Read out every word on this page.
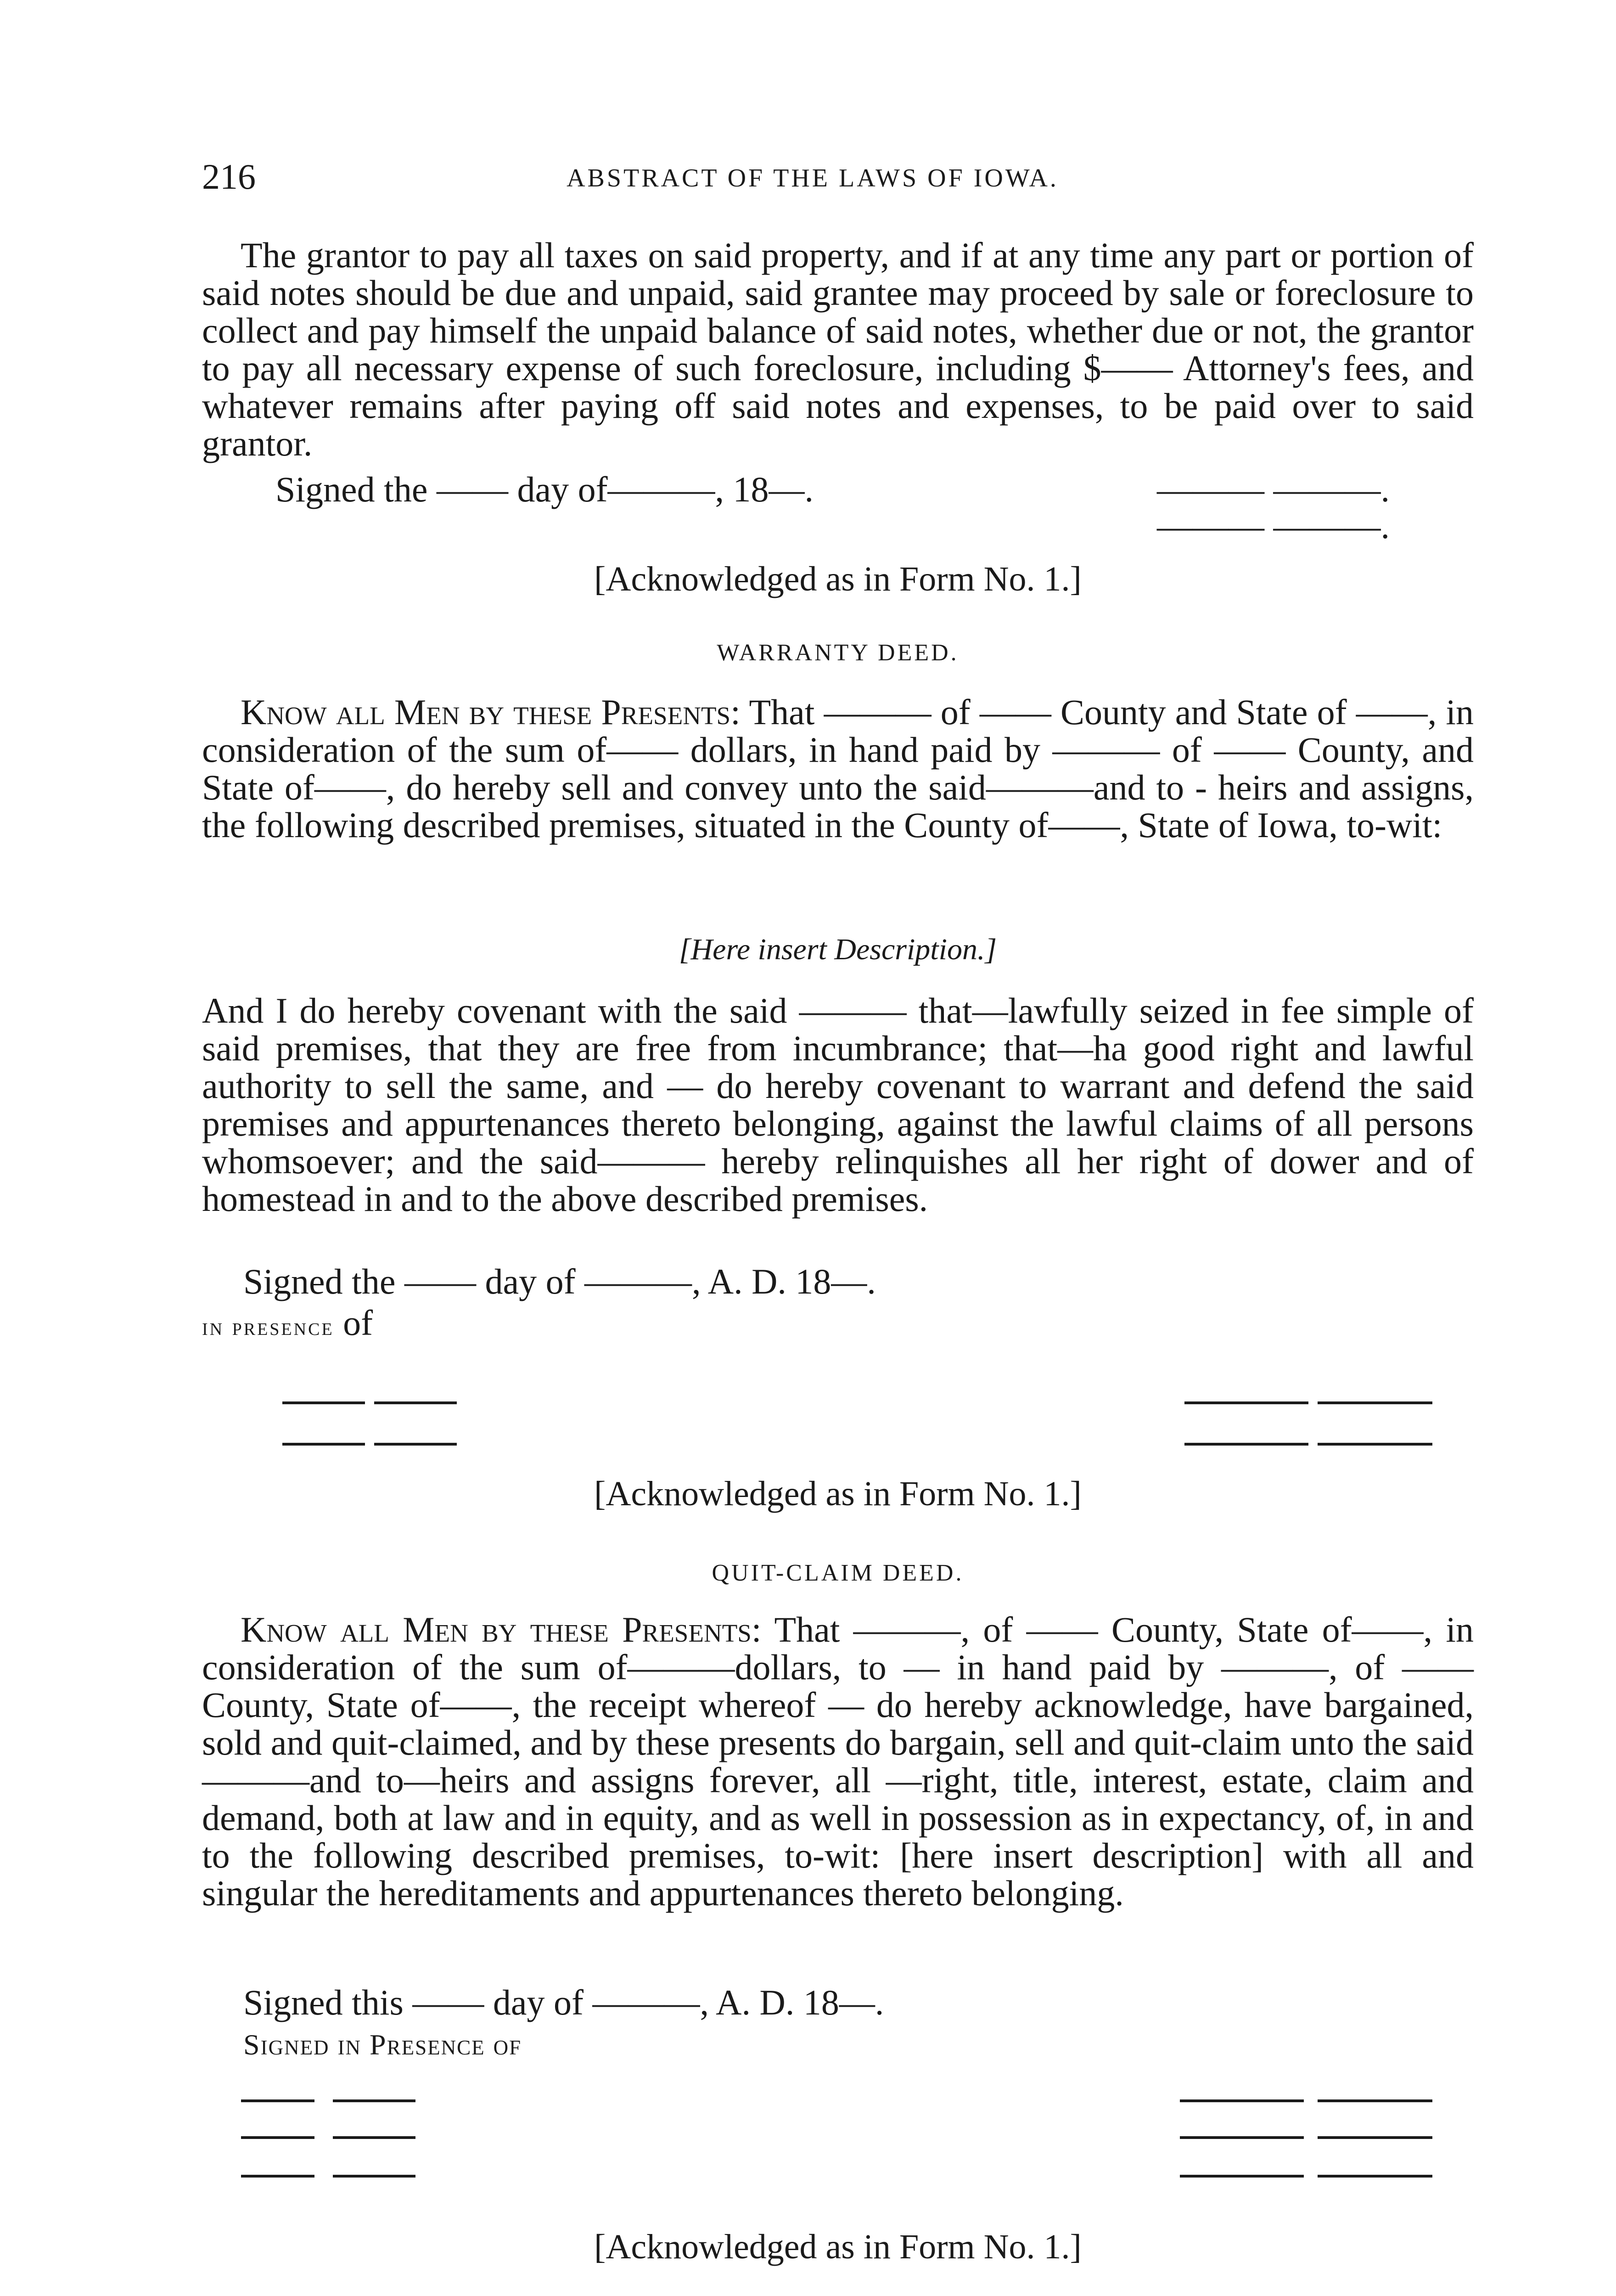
216	ABSTRACT OF THE LAWS OF IOWA.

The grantor to pay all taxes on said property, and if at any time any part or portion of said notes should be due and unpaid, said grantee may proceed by sale or foreclosure to collect and pay himself the unpaid balance of said notes, whether due or not, the grantor to pay all necessary expense of such foreclosure, including $—— Attorney's fees, and whatever remains after paying off said notes and expenses, to be paid over to said grantor.

Signed the —— day of———, 18—.	——— ———.
——— ———.
[Acknowledged as in Form No. 1.]
WARRANTY DEED.

Know all Men by these Presents: That ——— of —— County and State of ——, in consideration of the sum of—— dollars, in hand paid by ——— of —— County, and State of——, do hereby sell and convey unto the said———and to - heirs and assigns, the following described premises, situated in the County of——, State of Iowa, to-wit:

[Here insert Description.]

And I do hereby covenant with the said ——— that—lawfully seized in fee simple of said premises, that they are free from incumbrance; that—ha good right and lawful authority to sell the same, and — do hereby covenant to warrant and defend the said premises and appurtenances thereto belonging, against the lawful claims of all persons whomsoever; and the said——— hereby relinquishes all her right of dower and of homestead in and to the above described premises.

Signed the —— day of ———, A. D. 18—.
in presence of
[Acknowledged as in Form No. 1.]
QUIT-CLAIM DEED.

Know all Men by these Presents: That ———, of —— County, State of——, in consideration of the sum of———dollars, to — in hand paid by ———, of —— County, State of——, the receipt whereof — do hereby acknowledge, have bargained, sold and quit-claimed, and by these presents do bargain, sell and quit-claim unto the said———and to—heirs and assigns forever, all —right, title, interest, estate, claim and demand, both at law and in equity, and as well in possession as in expectancy, of, in and to the following described premises, to-wit: [here insert description] with all and singular the hereditaments and appurtenances thereto belonging.

Signed this —— day of ———, A. D. 18—.
Signed in Presence of
[Acknowledged as in Form No. 1.]
